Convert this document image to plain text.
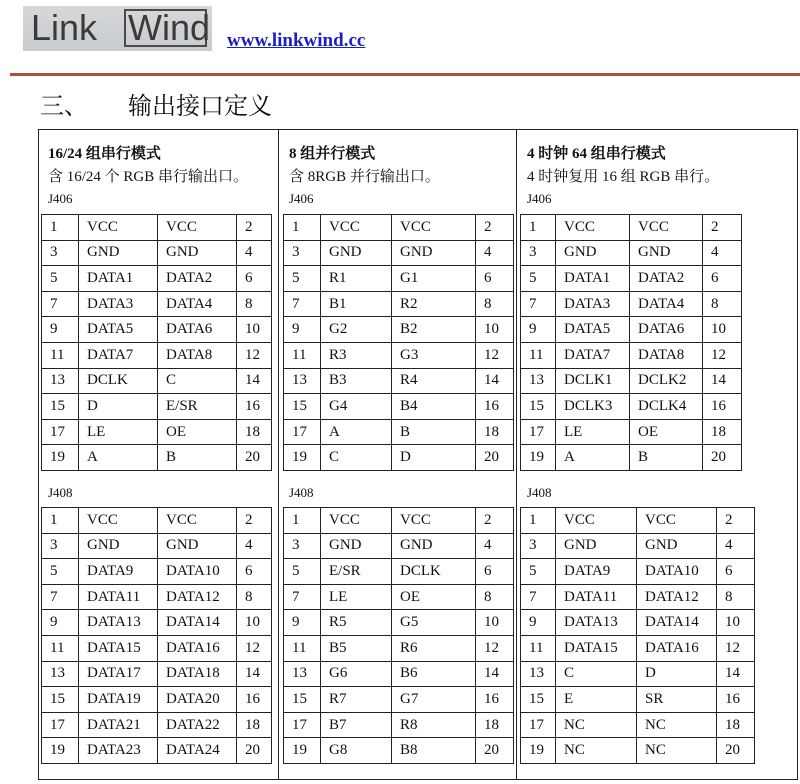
Link Wind www.linkwind.cc
三、 输出接口定义
16/24 组串行模式
含 16/24 个 RGB 串行输出口。
J406
1	VCC	VCC	2
3	GND	GND	4
5	DATA1	DATA2	6
7	DATA3	DATA4	8
9	DATA5	DATA6	10
11	DATA7	DATA8	12
13	DCLK	C	14
15	D	E/SR	16
17	LE	OE	18
19	A	B	20
J408
1	VCC	VCC	2
3	GND	GND	4
5	DATA9	DATA10	6
7	DATA11	DATA12	8
9	DATA13	DATA14	10
11	DATA15	DATA16	12
13	DATA17	DATA18	14
15	DATA19	DATA20	16
17	DATA21	DATA22	18
19	DATA23	DATA24	20
8 组并行模式
含 8RGB 并行输出口。
J406
1	VCC	VCC	2
3	GND	GND	4
5	R1	G1	6
7	B1	R2	8
9	G2	B2	10
11	R3	G3	12
13	B3	R4	14
15	G4	B4	16
17	A	B	18
19	C	D	20
J408
1	VCC	VCC	2
3	GND	GND	4
5	E/SR	DCLK	6
7	LE	OE	8
9	R5	G5	10
11	B5	R6	12
13	G6	B6	14
15	R7	G7	16
17	B7	R8	18
19	G8	B8	20
4 时钟 64 组串行模式
4 时钟复用 16 组 RGB 串行。
J406
1	VCC	VCC	2
3	GND	GND	4
5	DATA1	DATA2	6
7	DATA3	DATA4	8
9	DATA5	DATA6	10
11	DATA7	DATA8	12
13	DCLK1	DCLK2	14
15	DCLK3	DCLK4	16
17	LE	OE	18
19	A	B	20
J408
1	VCC	VCC	2
3	GND	GND	4
5	DATA9	DATA10	6
7	DATA11	DATA12	8
9	DATA13	DATA14	10
11	DATA15	DATA16	12
13	C	D	14
15	E	SR	16
17	NC	NC	18
19	NC	NC	20
